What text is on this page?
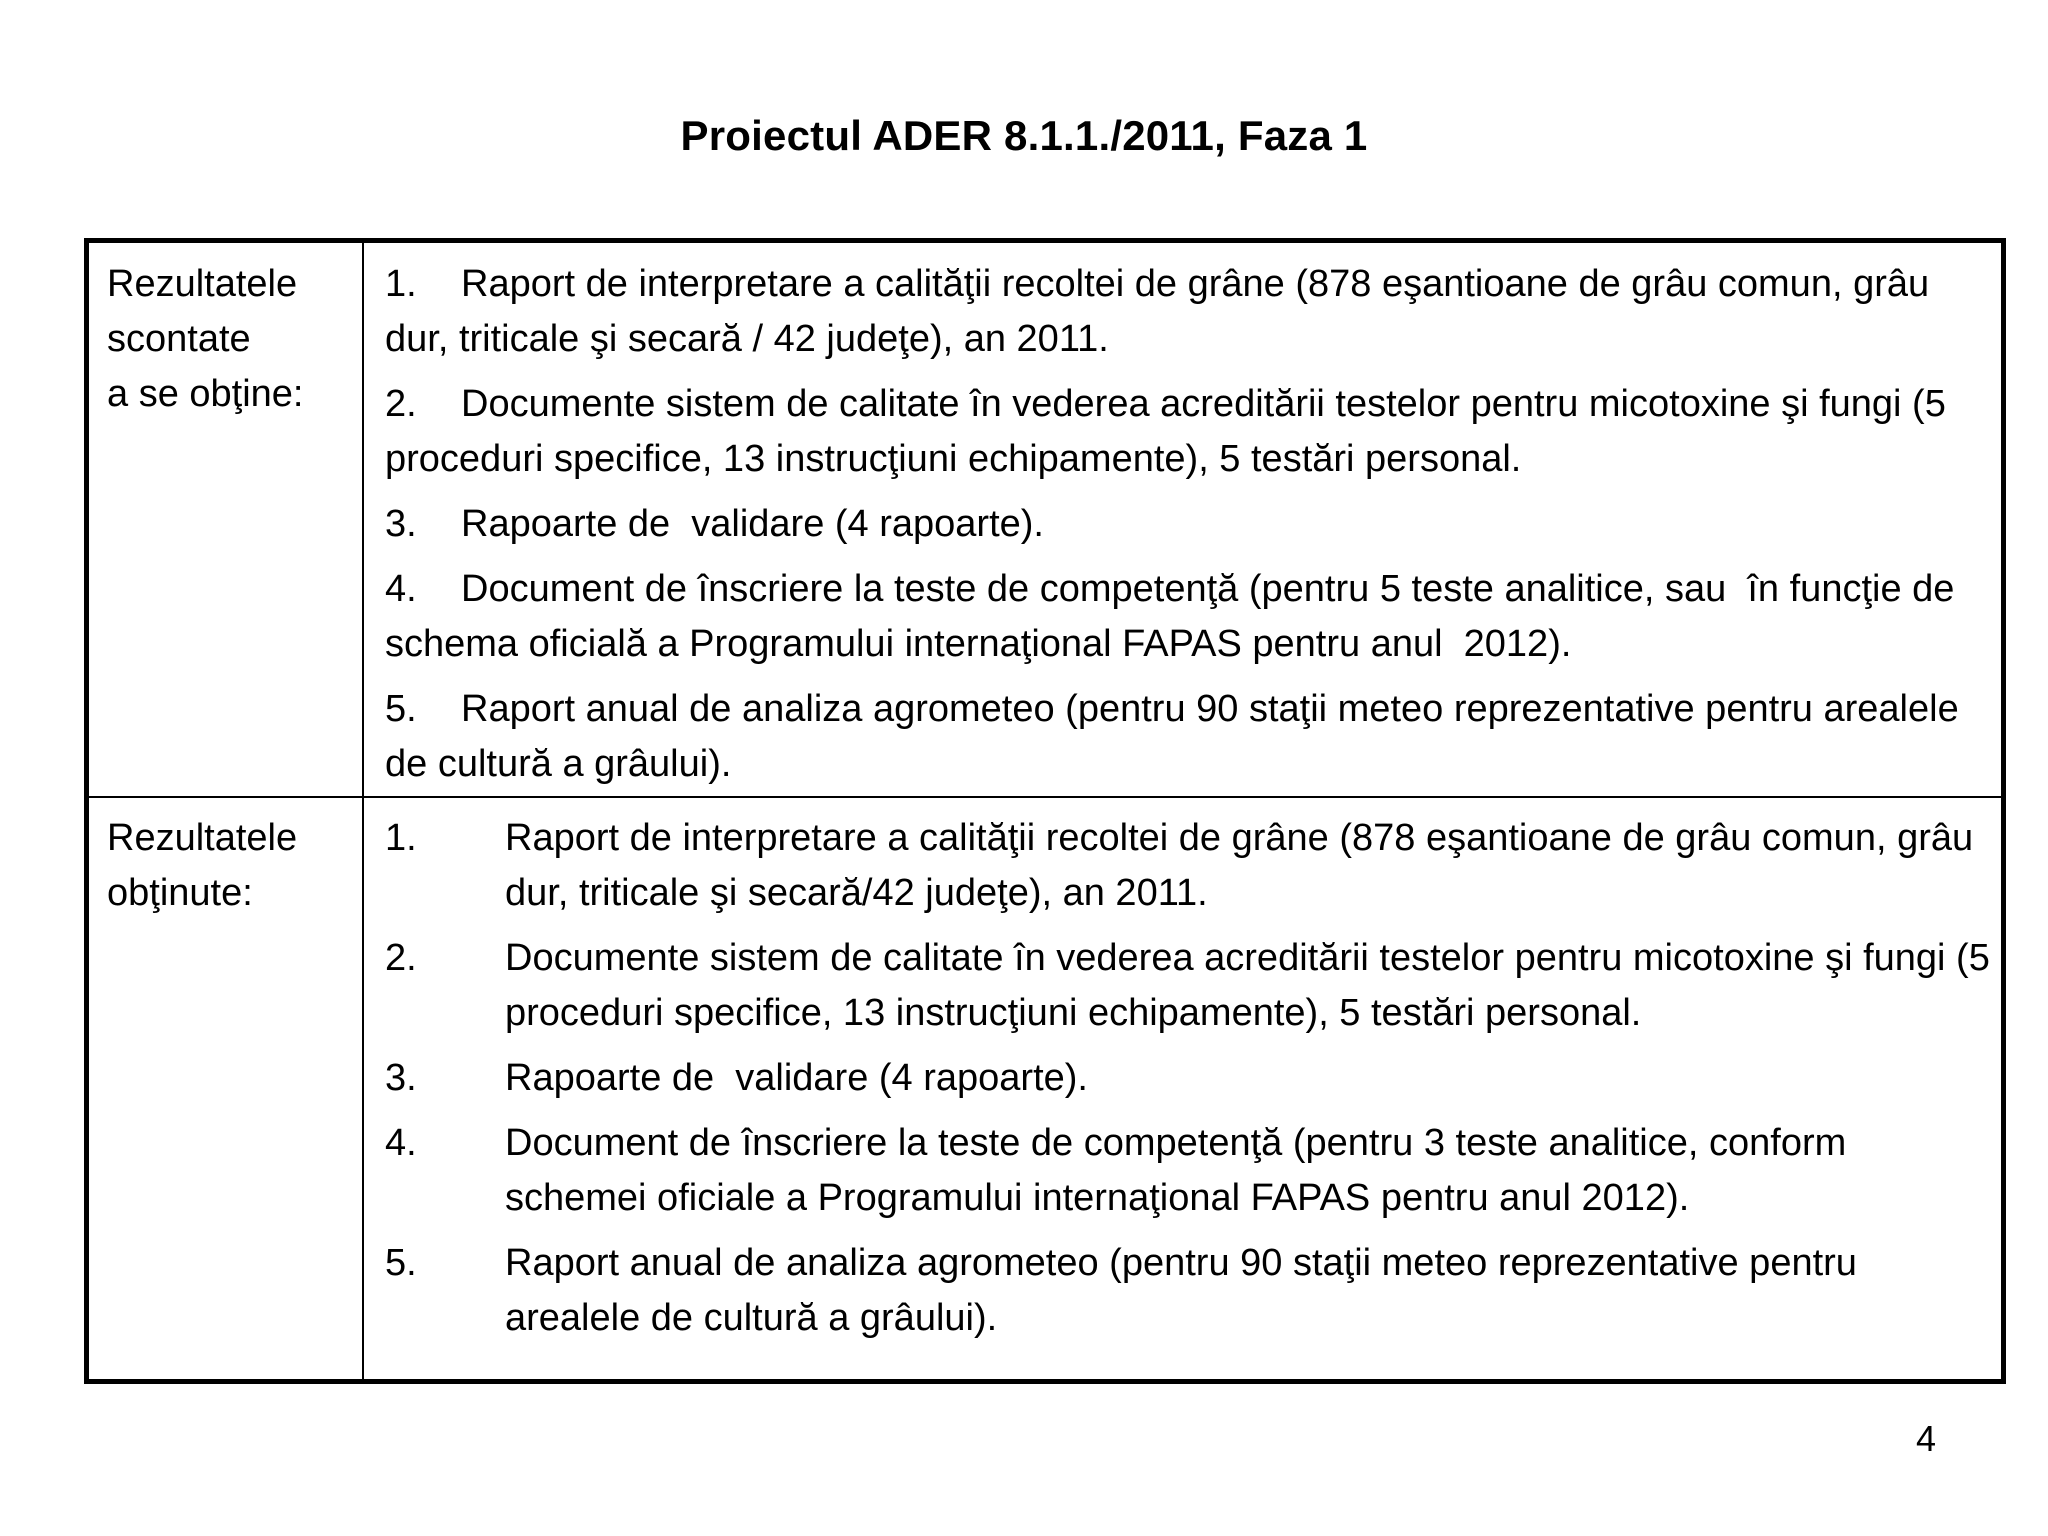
Proiectul ADER 8.1.1./2011, Faza 1
Rezultatele
scontate
a se obţine:
1. Raport de interpretare a calităţii recoltei de grâne (878 eşantioane de grâu comun, grâu dur, triticale şi secară / 42 judeţe), an 2011.
2. Documente sistem de calitate în vederea acreditării testelor pentru micotoxine şi fungi (5 proceduri specifice, 13 instrucţiuni echipamente), 5 testări personal.
3. Rapoarte de  validare (4 rapoarte).
4. Document de înscriere la teste de competenţă (pentru 5 teste analitice, sau  în funcţie de schema oficială a Programului internaţional FAPAS pentru anul  2012).
5. Raport anual de analiza agrometeo (pentru 90 staţii meteo reprezentative pentru arealele de cultură a grâului).
Rezultatele
obţinute:
1. Raport de interpretare a calităţii recoltei de grâne (878 eşantioane de grâu comun, grâu dur, triticale şi secară/42 judeţe), an 2011.
2. Documente sistem de calitate în vederea acreditării testelor pentru micotoxine şi fungi (5 proceduri specifice, 13 instrucţiuni echipamente), 5 testări personal.
3. Rapoarte de  validare (4 rapoarte).
4. Document de înscriere la teste de competenţă (pentru 3 teste analitice, conform schemei oficiale a Programului internaţional FAPAS pentru anul 2012).
5. Raport anual de analiza agrometeo (pentru 90 staţii meteo reprezentative pentru arealele de cultură a grâului).
4
